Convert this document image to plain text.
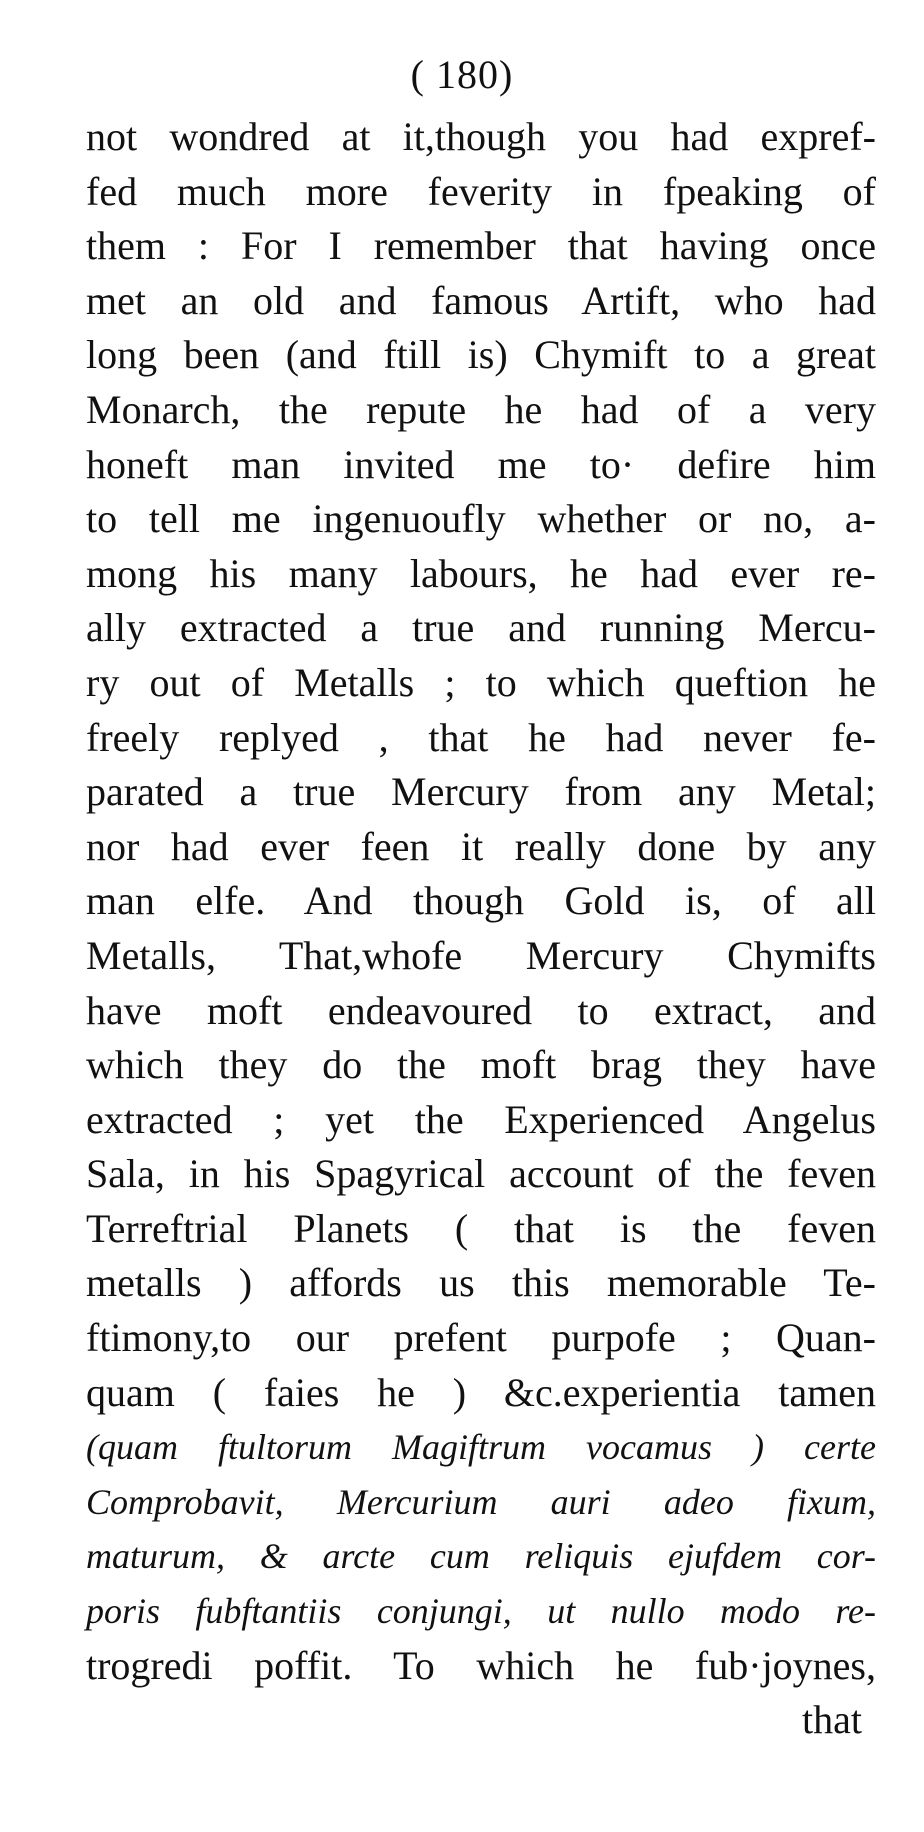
( 180)
not wondred at it,though you had expref-
fed much more feverity in fpeaking of
them : For I remember that having once
met an old and famous Artift, who had
long been (and ftill is) Chymift to a great
Monarch, the repute he had of a very
honeft man invited me to· defire him
to tell me ingenuoufly whether or no, a-
mong his many labours, he had ever re-
ally extracted a true and running Mercu-
ry out of Metalls ; to which queftion he
freely replyed , that he had never fe-
parated a true Mercury from any Metal;
nor had ever feen it really done by any
man elfe. And though Gold is, of all
Metalls, That,whofe Mercury Chymifts
have moft endeavoured to extract, and
which they do the moft brag they have
extracted ; yet the Experienced Angelus
Sala, in his Spagyrical account of the feven
Terreftrial Planets ( that is the feven
metalls ) affords us this memorable Te-
ftimony,to our prefent purpofe ; Quan-
quam ( faies he ) &c.experientia tamen
(quam ftultorum Magiftrum vocamus ) certe
Comprobavit, Mercurium auri adeo fixum,
maturum, & arcte cum reliquis ejufdem cor-
poris fubftantiis conjungi, ut nullo modo re-
trogredi poffit. To which he fub·joynes,
that
